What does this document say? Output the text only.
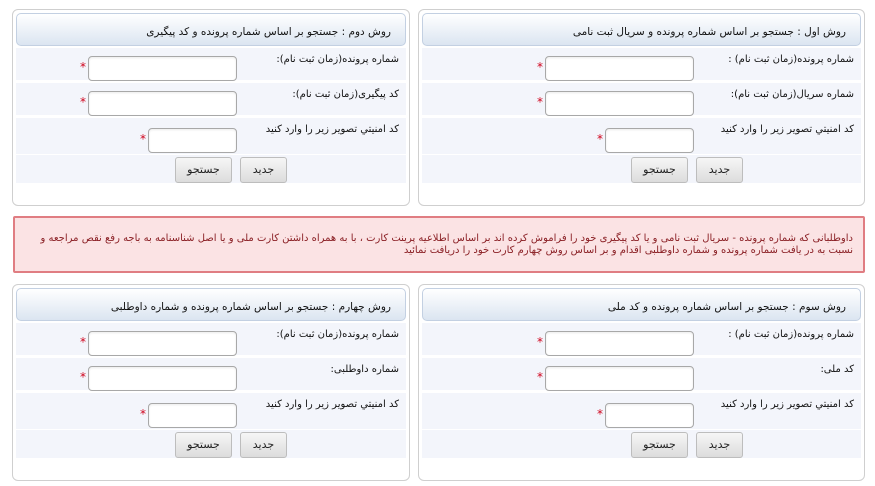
روش اول : جستجو بر اساس شماره پرونده و سريال ثبت نامی
شماره پرونده(زمان ثبت نام) :
*
شماره سريال(زمان ثبت نام):
*
كد امنيتي تصوير زير را وارد كنيد
*
جستجو	جديد
روش دوم : جستجو بر اساس شماره پرونده و کد پيگيری
شماره پرونده(زمان ثبت نام):
*
کد پيگيری(زمان ثبت نام):
*
كد امنيتي تصوير زير را وارد كنيد
*
جستجو	جديد
داوطلبانی که شماره پرونده - سريال ثبت نامی و يا کد پيگيری خود را فراموش کرده اند بر اساس اطلاعيه پرينت کارت ، با به همراه داشتن کارت ملی و يا اصل شناسنامه به باجه رفع نقص مراجعه و نسبت به در يافت شماره پرونده و شماره داوطلبی اقدام و بر اساس روش چهارم کارت خود را دريافت نمائيد
روش سوم : جستجو بر اساس شماره پرونده و کد ملی
شماره پرونده(زمان ثبت نام) :
*
کد ملی:
*
كد امنيتي تصوير زير را وارد كنيد
*
جستجو	جديد
روش چهارم : جستجو بر اساس شماره پرونده و شماره داوطلبی
شماره پرونده(زمان ثبت نام):
*
شماره داوطلبی:
*
كد امنيتي تصوير زير را وارد كنيد
*
جستجو	جديد
